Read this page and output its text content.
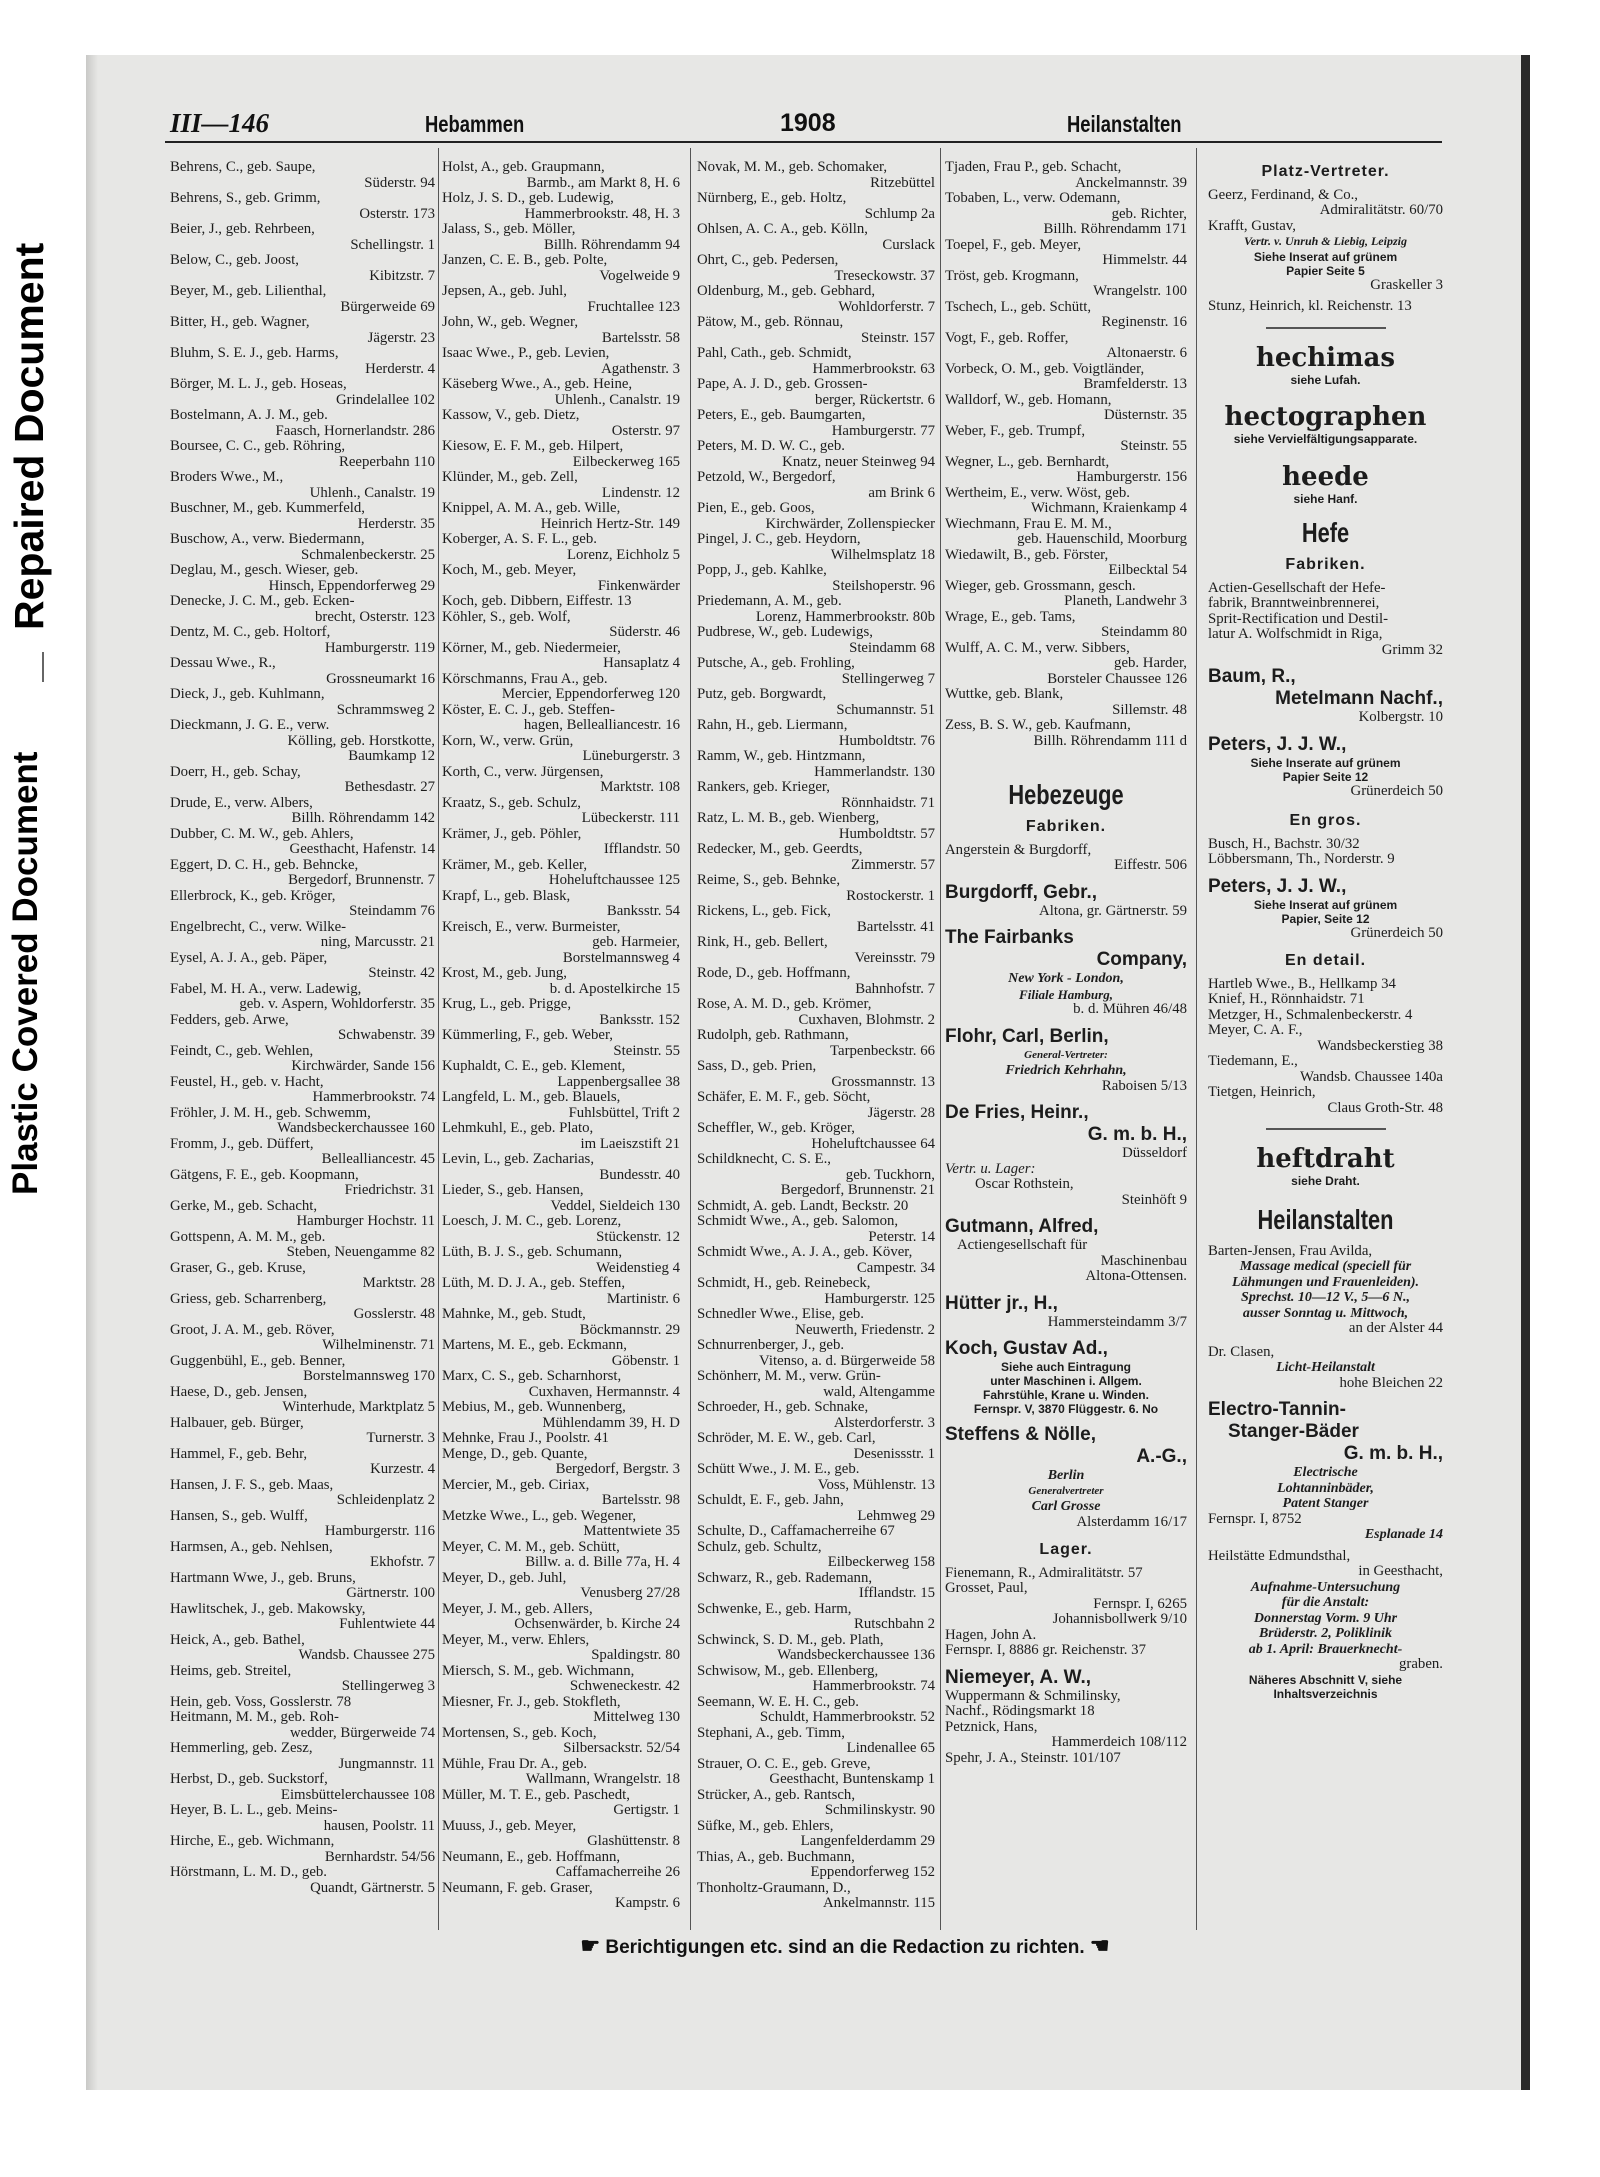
Repaired Document
Plastic Covered Document
III—146	Hebammen	1908	Heilanstalten
Behrens, C., geb. Saupe,
Süderstr. 94
Behrens, S., geb. Grimm,
Osterstr. 173
Beier, J., geb. Rehrbeen,
Schellingstr. 1
Below, C., geb. Joost,
Kibitzstr. 7
Beyer, M., geb. Lilienthal,
Bürgerweide 69
Bitter, H., geb. Wagner,
Jägerstr. 23
Bluhm, S. E. J., geb. Harms,
Herderstr. 4
Börger, M. L. J., geb. Hoseas,
Grindelallee 102
Bostelmann, A. J. M., geb.
Faasch, Hornerlandstr. 286
Boursee, C. C., geb. Röhring,
Reeperbahn 110
Broders Wwe., M.,
Uhlenh., Canalstr. 19
Buschner, M., geb. Kummerfeld,
Herderstr. 35
Buschow, A., verw. Biedermann,
Schmalenbeckerstr. 25
Deglau, M., gesch. Wieser, geb.
Hinsch, Eppendorferweg 29
Denecke, J. C. M., geb. Ecken-
brecht, Osterstr. 123
Dentz, M. C., geb. Holtorf,
Hamburgerstr. 119
Dessau Wwe., R.,
Grossneumarkt 16
Dieck, J., geb. Kuhlmann,
Schrammsweg 2
Dieckmann, J. G. E., verw.
Kölling, geb. Horstkotte,
Baumkamp 12
Doerr, H., geb. Schay,
Bethesdastr. 27
Drude, E., verw. Albers,
Billh. Röhrendamm 142
Dubber, C. M. W., geb. Ahlers,
Geesthacht, Hafenstr. 14
Eggert, D. C. H., geb. Behncke,
Bergedorf, Brunnenstr. 7
Ellerbrock, K., geb. Kröger,
Steindamm 76
Engelbrecht, C., verw. Wilke-
ning, Marcusstr. 21
Eysel, A. J. A., geb. Päper,
Steinstr. 42
Fabel, M. H. A., verw. Ladewig,
geb. v. Aspern, Wohldorferstr. 35
Fedders, geb. Arwe,
Schwabenstr. 39
Feindt, C., geb. Wehlen,
Kirchwärder, Sande 156
Feustel, H., geb. v. Hacht,
Hammerbrookstr. 74
Fröhler, J. M. H., geb. Schwemm,
Wandsbeckerchaussee 160
Fromm, J., geb. Düffert,
Bellealliancestr. 45
Gätgens, F. E., geb. Koopmann,
Friedrichstr. 31
Gerke, M., geb. Schacht,
Hamburger Hochstr. 11
Gottspenn, A. M. M., geb.
Steben, Neuengamme 82
Graser, G., geb. Kruse,
Marktstr. 28
Griess, geb. Scharrenberg,
Gosslerstr. 48
Groot, J. A. M., geb. Röver,
Wilhelminenstr. 71
Guggenbühl, E., geb. Benner,
Borstelmannsweg 170
Haese, D., geb. Jensen,
Winterhude, Marktplatz 5
Halbauer, geb. Bürger,
Turnerstr. 3
Hammel, F., geb. Behr,
Kurzestr. 4
Hansen, J. F. S., geb. Maas,
Schleidenplatz 2
Hansen, S., geb. Wulff,
Hamburgerstr. 116
Harmsen, A., geb. Nehlsen,
Ekhofstr. 7
Hartmann Wwe, J., geb. Bruns,
Gärtnerstr. 100
Hawlitschek, J., geb. Makowsky,
Fuhlentwiete 44
Heick, A., geb. Bathel,
Wandsb. Chaussee 275
Heims, geb. Streitel,
Stellingerweg 3
Hein, geb. Voss, Gosslerstr. 78
Heitmann, M. M., geb. Roh-
wedder, Bürgerweide 74
Hemmerling, geb. Zesz,
Jungmannstr. 11
Herbst, D., geb. Suckstorf,
Eimsbüttelerchaussee 108
Heyer, B. L. L., geb. Meins-
hausen, Poolstr. 11
Hirche, E., geb. Wichmann,
Bernhardstr. 54/56
Hörstmann, L. M. D., geb.
Quandt, Gärtnerstr. 5
Holst, A., geb. Graupmann,
Barmb., am Markt 8, H. 6
Holz, J. S. D., geb. Ludewig,
Hammerbrookstr. 48, H. 3
Jalass, S., geb. Möller,
Billh. Röhrendamm 94
Janzen, C. E. B., geb. Polte,
Vogelweide 9
Jepsen, A., geb. Juhl,
Fruchtallee 123
John, W., geb. Wegner,
Bartelsstr. 58
Isaac Wwe., P., geb. Levien,
Agathenstr. 3
Käseberg Wwe., A., geb. Heine,
Uhlenh., Canalstr. 19
Kassow, V., geb. Dietz,
Osterstr. 97
Kiesow, E. F. M., geb. Hilpert,
Eilbeckerweg 165
Klünder, M., geb. Zell,
Lindenstr. 12
Knippel, A. M. A., geb. Wille,
Heinrich Hertz-Str. 149
Koberger, A. S. F. L., geb.
Lorenz, Eichholz 5
Koch, M., geb. Meyer,
Finkenwärder
Koch, geb. Dibbern, Eiffestr. 13
Köhler, S., geb. Wolf,
Süderstr. 46
Körner, M., geb. Niedermeier,
Hansaplatz 4
Körschmanns, Frau A., geb.
Mercier, Eppendorferweg 120
Köster, E. C. J., geb. Steffen-
hagen, Bellealliancestr. 16
Korn, W., verw. Grün,
Lüneburgerstr. 3
Korth, C., verw. Jürgensen,
Marktstr. 108
Kraatz, S., geb. Schulz,
Lübeckerstr. 111
Krämer, J., geb. Pöhler,
Ifflandstr. 50
Krämer, M., geb. Keller,
Hoheluftchaussee 125
Krapf, L., geb. Blask,
Banksstr. 54
Kreisch, E., verw. Burmeister,
geb. Harmeier,
Borstelmannsweg 4
Krost, M., geb. Jung,
b. d. Apostelkirche 15
Krug, L., geb. Prigge,
Banksstr. 152
Kümmerling, F., geb. Weber,
Steinstr. 55
Kuphaldt, C. E., geb. Klement,
Lappenbergsallee 38
Langfeld, L. M., geb. Blauels,
Fuhlsbüttel, Trift 2
Lehmkuhl, E., geb. Plato,
im Laeiszstift 21
Levin, L., geb. Zacharias,
Bundesstr. 40
Lieder, S., geb. Hansen,
Veddel, Sieldeich 130
Loesch, J. M. C., geb. Lorenz,
Stückenstr. 12
Lüth, B. J. S., geb. Schumann,
Weidenstieg 4
Lüth, M. D. J. A., geb. Steffen,
Martinistr. 6
Mahnke, M., geb. Studt,
Böckmannstr. 29
Martens, M. E., geb. Eckmann,
Göbenstr. 1
Marx, C. S., geb. Scharnhorst,
Cuxhaven, Hermannstr. 4
Mebius, M., geb. Wunnenberg,
Mühlendamm 39, H. D
Mehnke, Frau J., Poolstr. 41
Menge, D., geb. Quante,
Bergedorf, Bergstr. 3
Mercier, M., geb. Ciriax,
Bartelsstr. 98
Metzke Wwe., L., geb. Wegener,
Mattentwiete 35
Meyer, C. M. M., geb. Schütt,
Billw. a. d. Bille 77a, H. 4
Meyer, D., geb. Juhl,
Venusberg 27/28
Meyer, J. M., geb. Allers,
Ochsenwärder, b. Kirche 24
Meyer, M., verw. Ehlers,
Spaldingstr. 80
Miersch, S. M., geb. Wichmann,
Schweneckestr. 42
Miesner, Fr. J., geb. Stokfleth,
Mittelweg 130
Mortensen, S., geb. Koch,
Silbersackstr. 52/54
Mühle, Frau Dr. A., geb.
Wallmann, Wrangelstr. 18
Müller, M. T. E., geb. Paschedt,
Gertigstr. 1
Muuss, J., geb. Meyer,
Glashüttenstr. 8
Neumann, E., geb. Hoffmann,
Caffamacherreihe 26
Neumann, F. geb. Graser,
Kampstr. 6
Novak, M. M., geb. Schomaker,
Ritzebüttel
Nürnberg, E., geb. Holtz,
Schlump 2a
Ohlsen, A. C. A., geb. Kölln,
Curslack
Ohrt, C., geb. Pedersen,
Treseckowstr. 37
Oldenburg, M., geb. Gebhard,
Wohldorferstr. 7
Pätow, M., geb. Rönnau,
Steinstr. 157
Pahl, Cath., geb. Schmidt,
Hammerbrookstr. 63
Pape, A. J. D., geb. Grossen-
berger, Rückertstr. 6
Peters, E., geb. Baumgarten,
Hamburgerstr. 77
Peters, M. D. W. C., geb.
Knatz, neuer Steinweg 94
Petzold, W., Bergedorf,
am Brink 6
Pien, E., geb. Goos,
Kirchwärder, Zollenspiecker
Pingel, J. C., geb. Heydorn,
Wilhelmsplatz 18
Popp, J., geb. Kahlke,
Steilshoperstr. 96
Priedemann, A. M., geb.
Lorenz, Hammerbrookstr. 80b
Pudbrese, W., geb. Ludewigs,
Steindamm 68
Putsche, A., geb. Frohling,
Stellingerweg 7
Putz, geb. Borgwardt,
Schumannstr. 51
Rahn, H., geb. Liermann,
Humboldtstr. 76
Ramm, W., geb. Hintzmann,
Hammerlandstr. 130
Rankers, geb. Krieger,
Rönnhaidstr. 71
Ratz, L. M. B., geb. Wienberg,
Humboldtstr. 57
Redecker, M., geb. Geerdts,
Zimmerstr. 57
Reime, S., geb. Behnke,
Rostockerstr. 1
Rickens, L., geb. Fick,
Bartelsstr. 41
Rink, H., geb. Bellert,
Vereinsstr. 79
Rode, D., geb. Hoffmann,
Bahnhofstr. 7
Rose, A. M. D., geb. Krömer,
Cuxhaven, Blohmstr. 2
Rudolph, geb. Rathmann,
Tarpenbeckstr. 66
Sass, D., geb. Prien,
Grossmannstr. 13
Schäfer, E. M. F., geb. Söcht,
Jägerstr. 28
Scheffler, W., geb. Kröger,
Hoheluftchaussee 64
Schildknecht, C. S. E.,
geb. Tuckhorn,
Bergedorf, Brunnenstr. 21
Schmidt, A. geb. Landt, Beckstr. 20
Schmidt Wwe., A., geb. Salomon,
Peterstr. 14
Schmidt Wwe., A. J. A., geb. Köver,
Campestr. 34
Schmidt, H., geb. Reinebeck,
Hamburgerstr. 125
Schnedler Wwe., Elise, geb.
Neuwerth, Friedenstr. 2
Schnurrenberger, J., geb.
Vitenso, a. d. Bürgerweide 58
Schönherr, M. M., verw. Grün-
wald, Altengamme
Schroeder, H., geb. Schnake,
Alsterdorferstr. 3
Schröder, M. E. W., geb. Carl,
Desenissstr. 1
Schütt Wwe., J. M. E., geb.
Voss, Mühlenstr. 13
Schuldt, E. F., geb. Jahn,
Lehmweg 29
Schulte, D., Caffamacherreihe 67
Schulz, geb. Schultz,
Eilbeckerweg 158
Schwarz, R., geb. Rademann,
Ifflandstr. 15
Schwenke, E., geb. Harm,
Rutschbahn 2
Schwinck, S. D. M., geb. Plath,
Wandsbeckerchaussee 136
Schwisow, M., geb. Ellenberg,
Hammerbrookstr. 74
Seemann, W. E. H. C., geb.
Schuldt, Hammerbrookstr. 52
Stephani, A., geb. Timm,
Lindenallee 65
Strauer, O. C. E., geb. Greve,
Geesthacht, Buntenskamp 1
Strücker, A., geb. Rantsch,
Schmilinskystr. 90
Süfke, M., geb. Ehlers,
Langenfelderdamm 29
Thias, A., geb. Buchmann,
Eppendorferweg 152
Thonholtz-Graumann, D.,
Ankelmannstr. 115
Tjaden, Frau P., geb. Schacht,
Anckelmannstr. 39
Tobaben, L., verw. Odemann,
geb. Richter,
Billh. Röhrendamm 171
Toepel, F., geb. Meyer,
Himmelstr. 44
Tröst, geb. Krogmann,
Wrangelstr. 100
Tschech, L., geb. Schütt,
Reginenstr. 16
Vogt, F., geb. Roffer,
Altonaerstr. 6
Vorbeck, O. M., geb. Voigtländer,
Bramfelderstr. 13
Walldorf, W., geb. Homann,
Düsternstr. 35
Weber, F., geb. Trumpf,
Steinstr. 55
Wegner, L., geb. Bernhardt,
Hamburgerstr. 156
Wertheim, E., verw. Wöst, geb.
Wichmann, Kraienkamp 4
Wiechmann, Frau E. M. M.,
geb. Hauenschild, Moorburg
Wiedawilt, B., geb. Förster,
Eilbecktal 54
Wieger, geb. Grossmann, gesch.
Planeth, Landwehr 3
Wrage, E., geb. Tams,
Steindamm 80
Wulff, A. C. M., verw. Sibbers,
geb. Harder,
Borsteler Chaussee 126
Wuttke, geb. Blank,
Sillemstr. 48
Zess, B. S. W., geb. Kaufmann,
Billh. Röhrendamm 111 d
Hebezeuge
Fabriken.
Angerstein & Burgdorff,
Eiffestr. 506
Burgdorff, Gebr.,
Altona, gr. Gärtnerstr. 59
The Fairbanks
Company,
New York - London,
Filiale Hamburg,
b. d. Mühren 46/48
Flohr, Carl, Berlin,
General-Vertreter:
Friedrich Kehrhahn,
Raboisen 5/13
De Fries, Heinr.,
G. m. b. H.,
Düsseldorf
Vertr. u. Lager:
Oscar Rothstein,
Steinhöft 9
Gutmann, Alfred,
Actiengesellschaft für
Maschinenbau
Altona-Ottensen.
Hütter jr., H.,
Hammersteindamm 3/7
Koch, Gustav Ad.,
Siehe auch Eintragung
unter Maschinen i. Allgem.
Fahrstühle, Krane u. Winden.
Fernspr. V, 3870 Flüggestr. 6. No
Steffens & Nölle,
A.-G.,
Berlin
Generalvertreter
Carl Grosse
Alsterdamm 16/17
Lager.
Fienemann, R., Admiralitätstr. 57
Grosset, Paul,
Fernspr. I, 6265
Johannisbollwerk 9/10
Hagen, John A.
Fernspr. I, 8886 gr. Reichenstr. 37
Niemeyer, A. W.,
Wuppermann & Schmilinsky,
Nachf., Rödingsmarkt 18
Petznick, Hans,
Hammerdeich 108/112
Spehr, J. A., Steinstr. 101/107
Platz-Vertreter.
Geerz, Ferdinand, & Co.,
Admiralitätstr. 60/70
Krafft, Gustav,
Vertr. v. Unruh & Liebig, Leipzig
Siehe Inserat auf grünem
Papier Seite 5
Graskeller 3
Stunz, Heinrich, kl. Reichenstr. 13
hechimas
siehe Lufah.
hectographen
siehe Vervielfältigungsapparate.
heede
siehe Hanf.
Hefe
Fabriken.
Actien-Gesellschaft der Hefe-
fabrik, Branntweinbrennerei,
Sprit-Rectification und Destil-
latur A. Wolfschmidt in Riga,
Grimm 32
Baum, R.,
Metelmann Nachf.,
Kolbergstr. 10
Peters, J. J. W.,
Siehe Inserate auf grünem
Papier Seite 12
Grünerdeich 50
En gros.
Busch, H., Bachstr. 30/32
Löbbersmann, Th., Norderstr. 9
Peters, J. J. W.,
Siehe Inserat auf grünem
Papier, Seite 12
Grünerdeich 50
En detail.
Hartleb Wwe., B., Hellkamp 34
Knief, H., Rönnhaidstr. 71
Metzger, H., Schmalenbeckerstr. 4
Meyer, C. A. F.,
Wandsbeckerstieg 38
Tiedemann, E.,
Wandsb. Chaussee 140a
Tietgen, Heinrich,
Claus Groth-Str. 48
heftdraht
siehe Draht.
Heilanstalten
Barten-Jensen, Frau Avilda,
Massage medical (speciell für
Lähmungen und Frauenleiden).
Sprechst. 10—12 V., 5—6 N.,
ausser Sonntag u. Mittwoch,
an der Alster 44
Dr. Clasen,
Licht-Heilanstalt
hohe Bleichen 22
Electro-Tannin-
Stanger-Bäder
G. m. b. H.,
Electrische
Lohtanninbäder,
Patent Stanger
Fernspr. I, 8752
Esplanade 14
Heilstätte Edmundsthal,
in Geesthacht,
Aufnahme-Untersuchung
für die Anstalt:
Donnerstag Vorm. 9 Uhr
Brüderstr. 2, Poliklinik
ab 1. April: Brauerknecht-
graben.
Näheres Abschnitt V, siehe
Inhaltsverzeichnis
☛ Berichtigungen etc. sind an die Redaction zu richten. ☚
